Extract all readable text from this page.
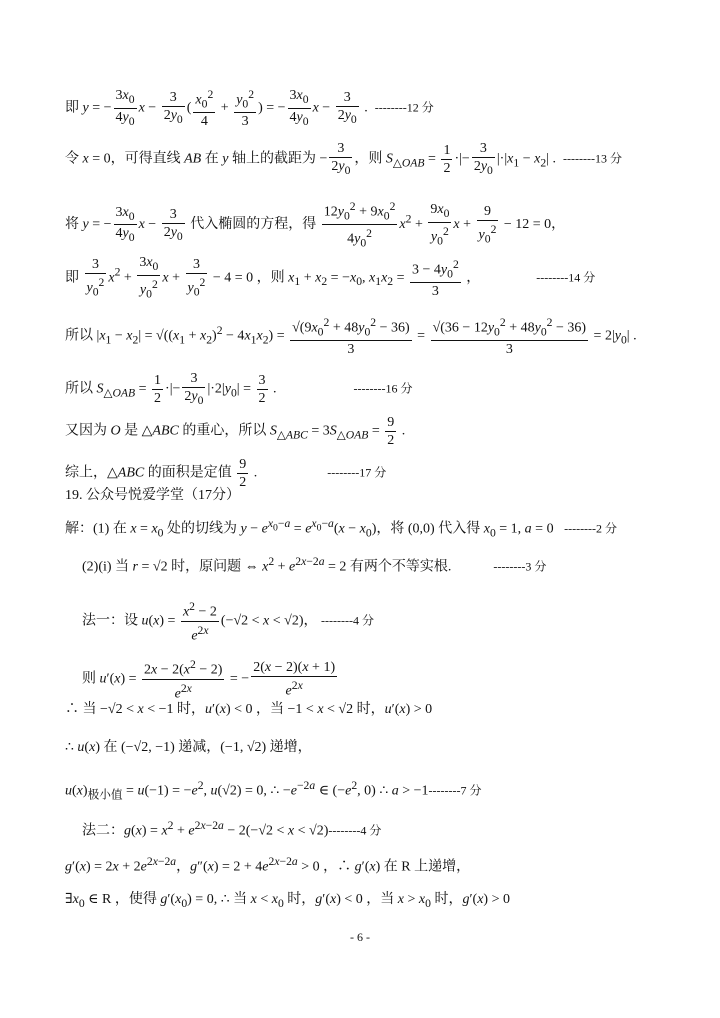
即 y = − $\frac{3x_0}{4y_0}$ $x - \frac{3}{2y_0}$ ( $\frac{x_0^2}{4} + \frac{y_0^2}{3}$ ) = − $\frac{3x_0}{4y_0}$ $x - \frac{3}{2y_0}$ .  --------12 分
令 x = 0，可得直线 AB 在 y 轴上的截距为 − $\frac{3}{2y_0}$ ，则 $S_{\triangle OAB} = \frac{1}{2}$ ·|− $\frac{3}{2y_0} |\cdot|x_1 - x_2|$ .  --------13 分
将 y = − $\frac{3x_0}{4y_0}$ $x - \frac{3}{2y_0}$ 代入椭圆的方程，得 $\frac{12y_0^2 + 9x_0^2}{4y_0^2} x^2 + \frac{9x_0}{y_0^2}$ $x + \frac{9}{y_0^2} - 12 = 0$，
即 $\frac{3}{y_0^2} x^2 + \frac{3x_0}{y_0^2}$ $x + \frac{3}{y_0^2} - 4 = 0$ ，则 $x_1 + x_2 = -x_0$, $x_1x_2 = \frac{3 - 4y_0^2}{3}$ ，                --------14 分
所以 $|x_1 - x_2| = √((x_1 + x_2)^2 - 4x_1x_2) = \frac{√(9x_0^2 + 48y_0^2 - 36)}{3} = \frac{√(36 - 12y_0^2 + 48y_0^2 - 36)}{3} = 2|y_0|$ .
所以 $S_{\triangle OAB} = \frac{1}{2}$ ·|− $\frac{3}{2y_0} |\cdot 2|y_0| = \frac{3}{2}$ .                      --------16 分
又因为 O 是 △ABC 的重心，所以 $S_{\triangle ABC} = 3S_{\triangle OAB} = \frac{9}{2}$ .
综上，△ABC 的面积是定值 $\frac{9}{2}$ .                    --------17 分
19. 公众号悦爱学堂（17分）
解：(1) 在 $x = x_0$ 处的切线为 $y - e^{x_0-a} = e^{x_0-a}(x - x_0)$，将 (0,0) 代入得 $x_0 = 1$, a = 0   --------2 分
(2)(i) 当 r = √2 时，原问题 ⇔ $x^2 + e^{2x-2a} = 2$ 有两个不等实根.            --------3 分
法一：设 $u(x) = \frac{x^2 - 2}{e^{2x}} (-√2 < x < √2)$， --------4 分
则 $u'(x) = \frac{2x - 2(x^2 - 2)}{e^{2x}}$ = − $\frac{2(x - 2)(x + 1)}{e^{2x}}$
∴ 当 −√2 < x < −1 时，u′(x) < 0 ，当 −1 < x < √2 时，u′(x) > 0
∴ u(x) 在 (−√2, −1) 递减，(−1, √2) 递增，
$u(x)_{极小值} = u(-1) = -e^2$, u(√2) = 0, ∴ $-e^{-2a}$ ∈ ($-e^2$, 0) ∴ a > −1--------7 分
法二：$g(x) = x^2 + e^{2x-2a} - 2(-√2 < x < √2)--------4$ 分
$g'(x) = 2x + 2e^{2x-2a}$，$g''(x) = 2 + 4e^{2x-2a} > 0$ ，∴ g′(x) 在 R 上递增，
$\exists x_0$ ∈ R ，使得 $g'(x_0) = 0$, ∴ 当 $x < x_0$ 时，g′(x) < 0 ，当 $x > x_0$ 时，g′(x) > 0
- 6 -
